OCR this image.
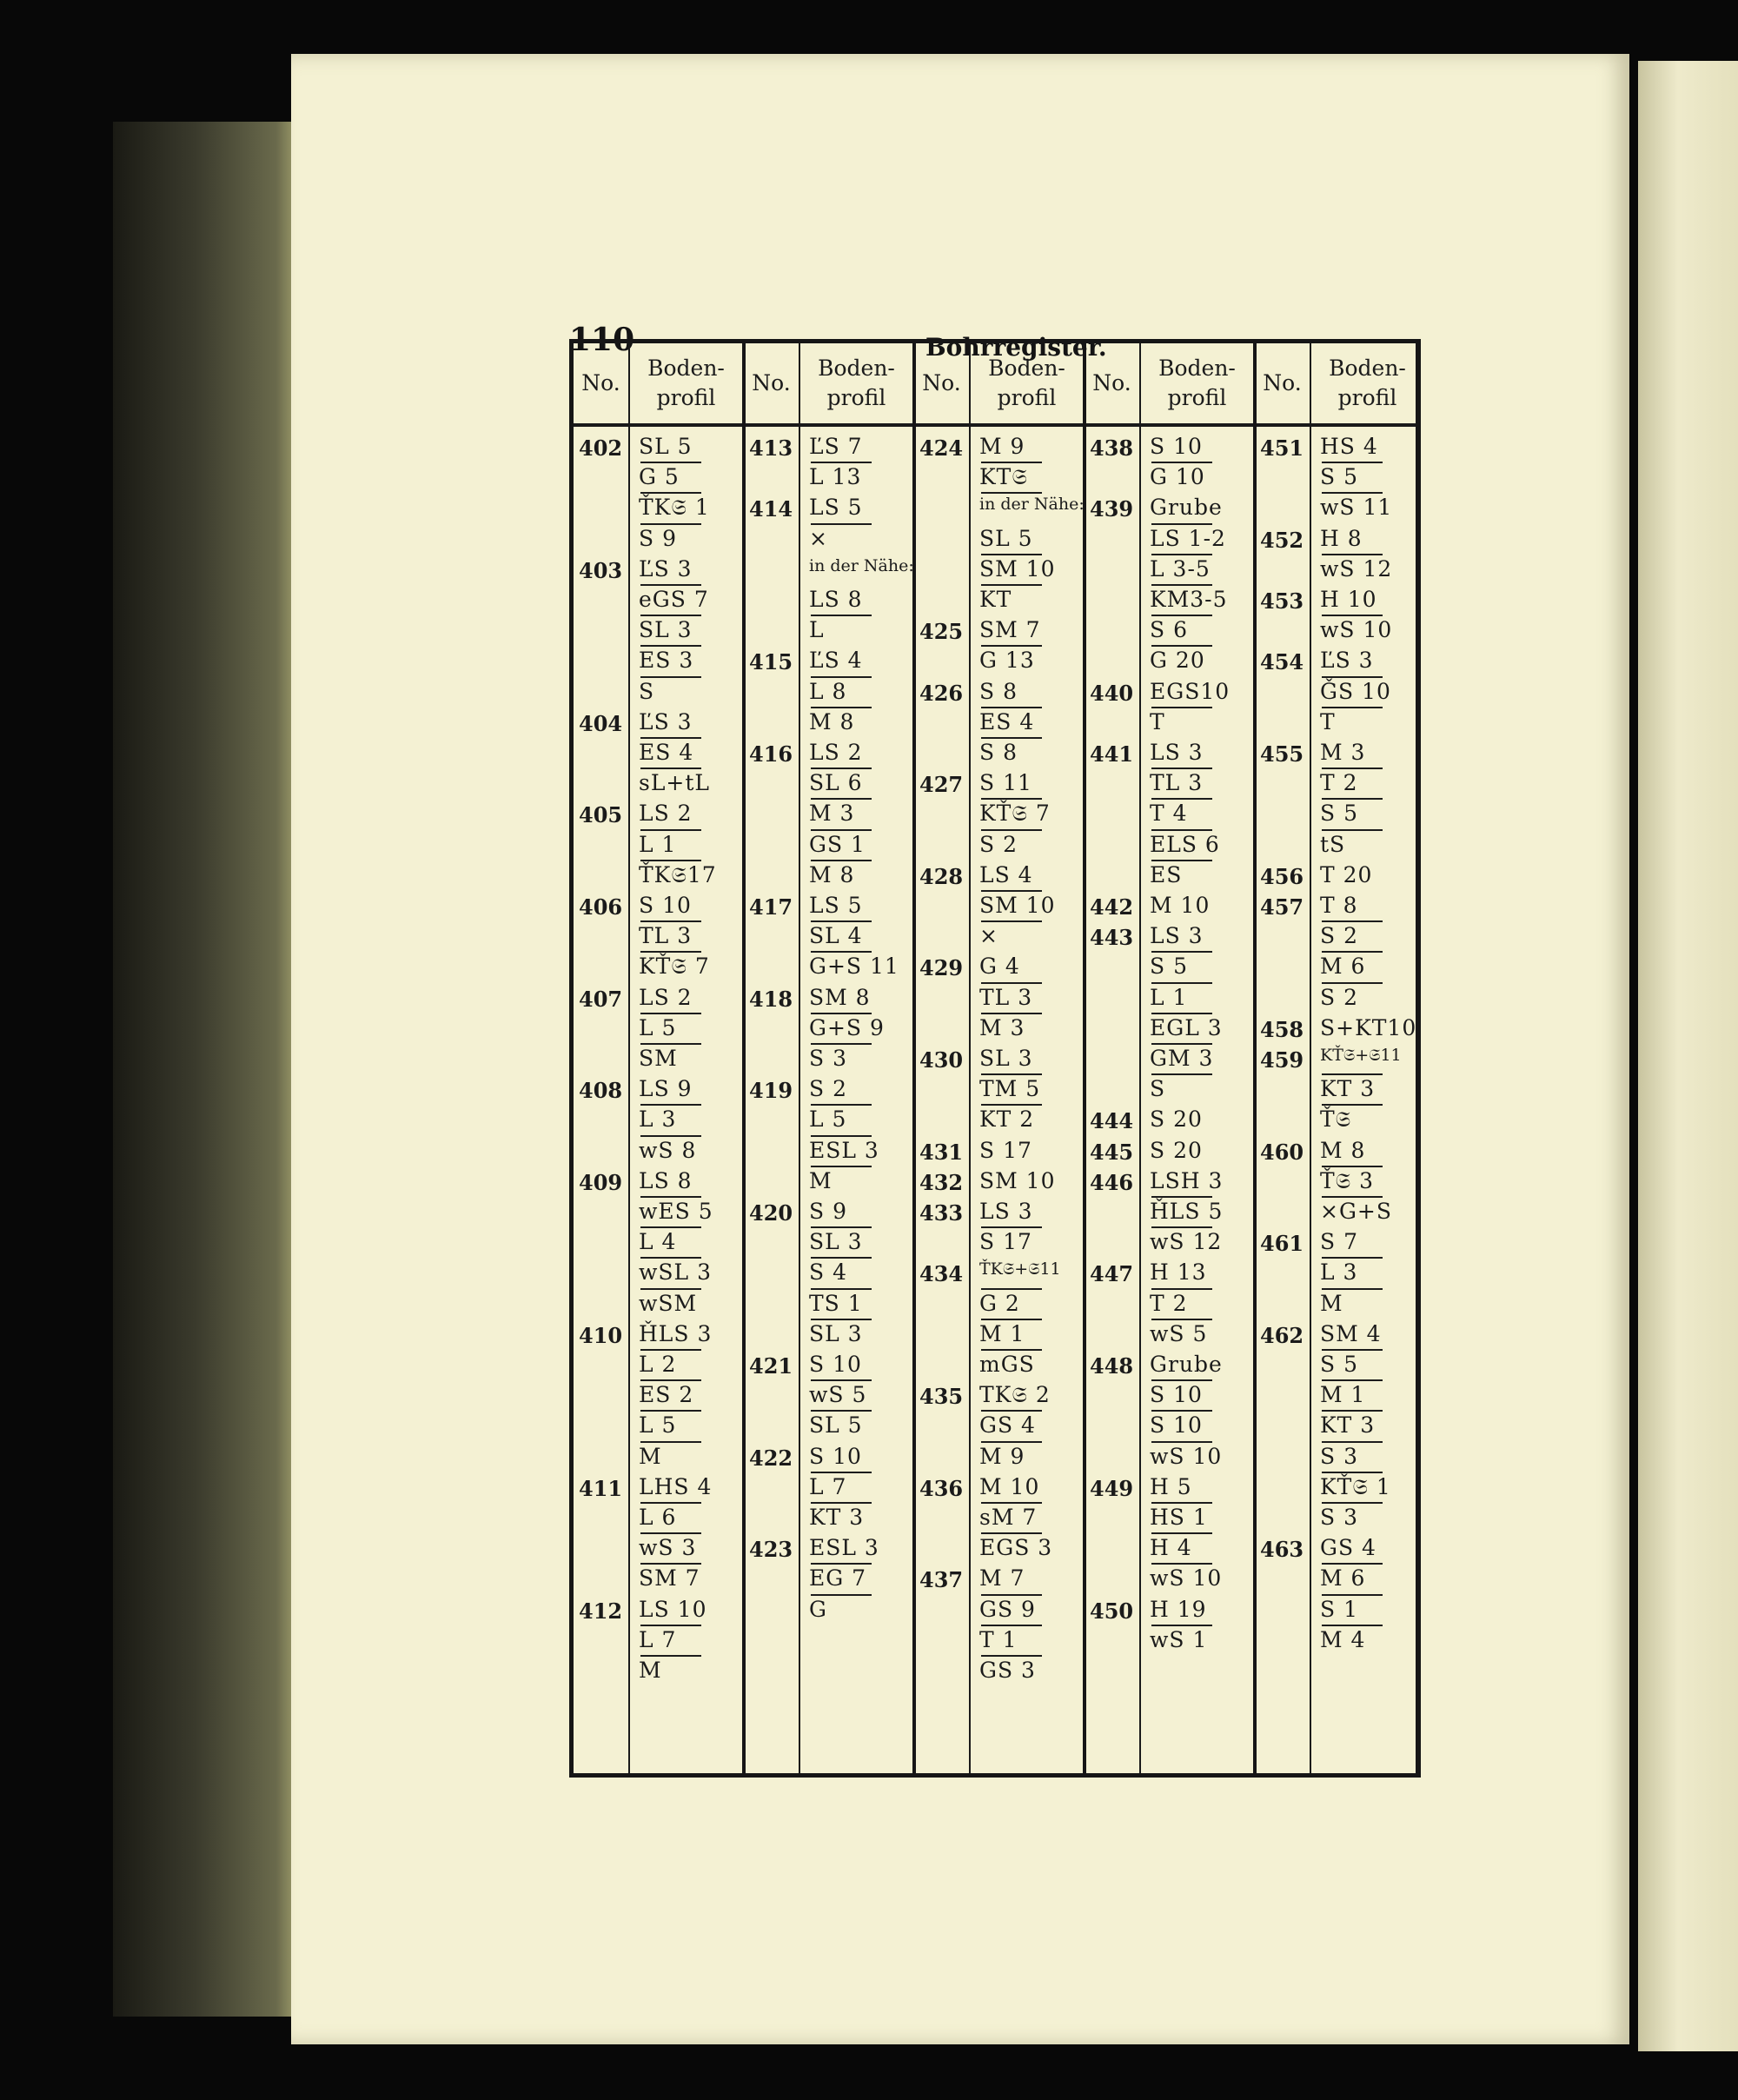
110	Bohrregister.
No.
Boden-
profil
No.
Boden-
profil
No.
Boden-
profil
No.
Boden-
profil
No.
Boden-
profil
402 SL 5
G 5
ŤK𝔖 1
S 9
403 ĽS 3
eGS 7
SL 3
ES 3
S
404 ĽS 3
ES 4
sL+tL
405 LS 2
L 1
ŤK𝔖17
406 S 10
TL 3
KŤ𝔖 7
407 LS 2
L 5
SM
408 LS 9
L 3
wS 8
409 LS 8
wES 5
L 4
wSL 3
wSM
410 ȞLS 3
L 2
ES 2
L 5
M
411 LHS 4
L 6
wS 3
SM 7
412 LS 10
L 7
M
413 ĽS 7
L 13
414 LS 5
×
in der Nähe:
LS 8
L
415 ĽS 4
L 8
M 8
416 LS 2
SL 6
M 3
GS 1
M 8
417 LS 5
SL 4
G+S 11
418 SM 8
G+S 9
S 3
419 S 2
L 5
ESL 3
M
420 S 9
SL 3
S 4
TS 1
SL 3
421 S 10
wS 5
SL 5
422 S 10
L 7
KT 3
423 ESL 3
EG 7
G
424 M 9
KT𝔖
in der Nähe:
SL 5
SM 10
KT
425 SM 7
G 13
426 S 8
ES 4
S 8
427 S 11
KŤ𝔖 7
S 2
428 LS 4
SM 10
×
429 G 4
TL 3
M 3
430 SL 3
TM 5
KT 2
431 S 17
432 SM 10
433 LS 3
S 17
434 ŤK𝔖+𝔖11
G 2
M 1
mGS
435 TK𝔖 2
GS 4
M 9
436 M 10
sM 7
EGS 3
437 M 7
GS 9
T 1
GS 3
438 S 10
G 10
439 Grube
LS 1-2
L 3-5
KM3-5
S 6
G 20
440 EGS10
T
441 LS 3
TL 3
T 4
ELS 6
ES
442 M 10
443 LS 3
S 5
L 1
EGL 3
GM 3
S
444 S 20
445 S 20
446 LSH 3
ȞLS 5
wS 12
447 H 13
T 2
wS 5
448 Grube
S 10
S 10
wS 10
449 H 5
HS 1
H 4
wS 10
450 H 19
wS 1
451 HS 4
S 5
wS 11
452 H 8
wS 12
453 H 10
wS 10
454 ĽS 3
ǦS 10
T
455 M 3
T 2
S 5
tS
456 T 20
457 T 8
S 2
M 6
S 2
458 S+KT10
459 KŤ𝔖+𝔖11
KT 3
Ť𝔖
460 M 8
Ť𝔖 3
×G+S
461 S 7
L 3
M
462 SM 4
S 5
M 1
KT 3
S 3
KŤ𝔖 1
S 3
463 GS 4
M 6
S 1
M 4
